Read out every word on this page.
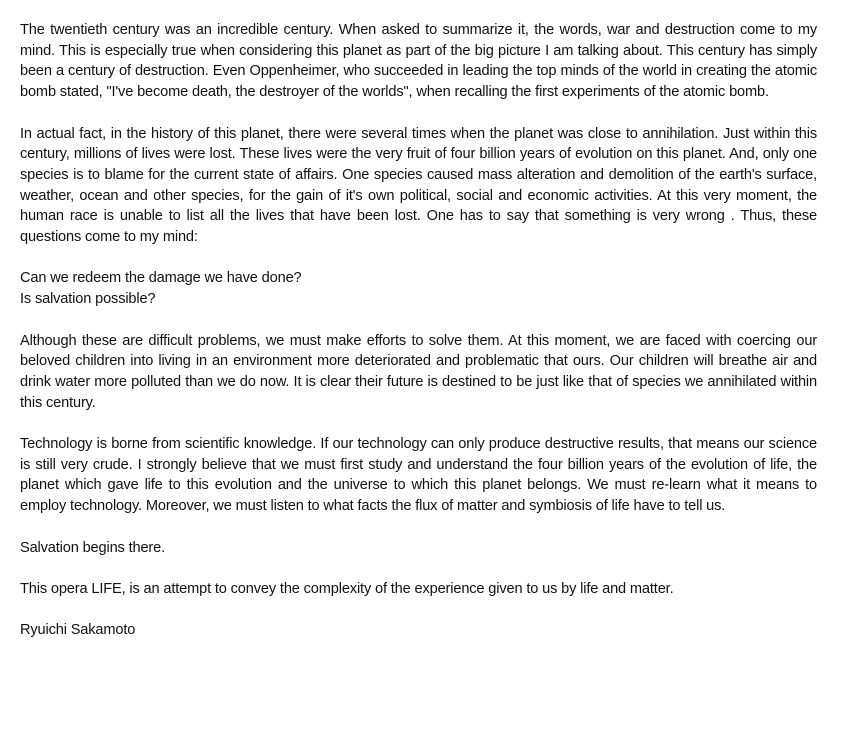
The twentieth century was an incredible century. When asked to summarize it, the words, war and destruction come to my mind. This is especially true when considering this planet as part of the big picture I am talking about. This century has simply been a century of destruction. Even Oppenheimer, who succeeded in leading the top minds of the world in creating the atomic bomb stated, "I've become death, the destroyer of the worlds", when recalling the first experiments of the atomic bomb.

In actual fact, in the history of this planet, there were several times when the planet was close to annihilation. Just within this century, millions of lives were lost. These lives were the very fruit of four billion years of evolution on this planet. And, only one species is to blame for the current state of affairs. One species caused mass alteration and demolition of the earth's surface, weather, ocean and other species, for the gain of it's own political, social and economic activities. At this very moment, the human race is unable to list all the lives that have been lost. One has to say that something is very wrong . Thus, these questions come to my mind:

Can we redeem the damage we have done?
Is salvation possible?

Although these are difficult problems, we must make efforts to solve them. At this moment, we are faced with coercing our beloved children into living in an environment more deteriorated and problematic that ours. Our children will breathe air and drink water more polluted than we do now. It is clear their future is destined to be just like that of species we annihilated within this century.

Technology is borne from scientific knowledge. If our technology can only produce destructive results, that means our science is still very crude. I strongly believe that we must first study and understand the four billion years of the evolution of life, the planet which gave life to this evolution and the universe to which this planet belongs. We must re-learn what it means to employ technology. Moreover, we must listen to what facts the flux of matter and symbiosis of life have to tell us.

Salvation begins there.

This opera LIFE, is an attempt to convey the complexity of the experience given to us by life and matter.

Ryuichi Sakamoto
